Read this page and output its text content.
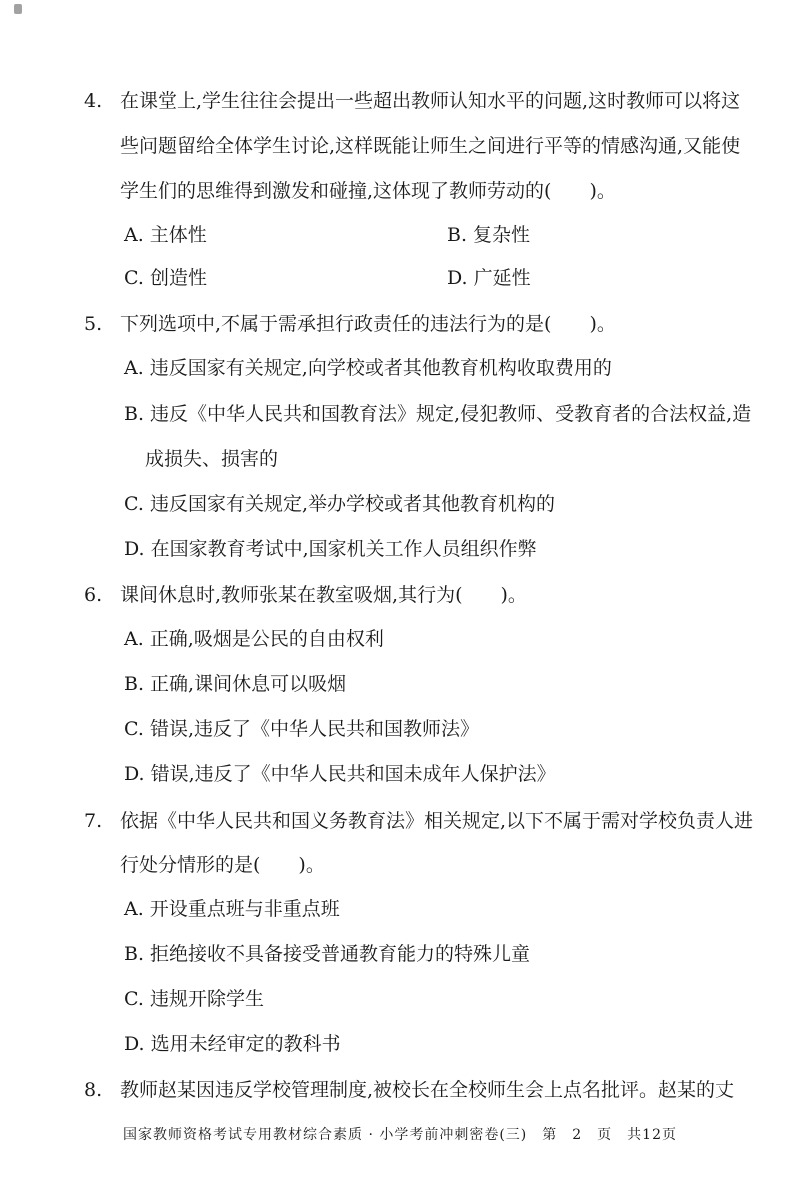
4. 在课堂上,学生往往会提出一些超出教师认知水平的问题,这时教师可以将这
些问题留给全体学生讨论,这样既能让师生之间进行平等的情感沟通,又能使
学生们的思维得到激发和碰撞,这体现了教师劳动的(　　)。
A. 主体性	B. 复杂性
C. 创造性	D. 广延性
5. 下列选项中,不属于需承担行政责任的违法行为的是(　　)。
A. 违反国家有关规定,向学校或者其他教育机构收取费用的
B. 违反《中华人民共和国教育法》规定,侵犯教师、受教育者的合法权益,造
成损失、损害的
C. 违反国家有关规定,举办学校或者其他教育机构的
D. 在国家教育考试中,国家机关工作人员组织作弊
6. 课间休息时,教师张某在教室吸烟,其行为(　　)。
A. 正确,吸烟是公民的自由权利
B. 正确,课间休息可以吸烟
C. 错误,违反了《中华人民共和国教师法》
D. 错误,违反了《中华人民共和国未成年人保护法》
7. 依据《中华人民共和国义务教育法》相关规定,以下不属于需对学校负责人进
行处分情形的是(　　)。
A. 开设重点班与非重点班
B. 拒绝接收不具备接受普通教育能力的特殊儿童
C. 违规开除学生
D. 选用未经审定的教科书
8. 教师赵某因违反学校管理制度,被校长在全校师生会上点名批评。赵某的丈
国家教师资格考试专用教材综合素质 · 小学考前冲刺密卷(三)　第　2　页　共12页
